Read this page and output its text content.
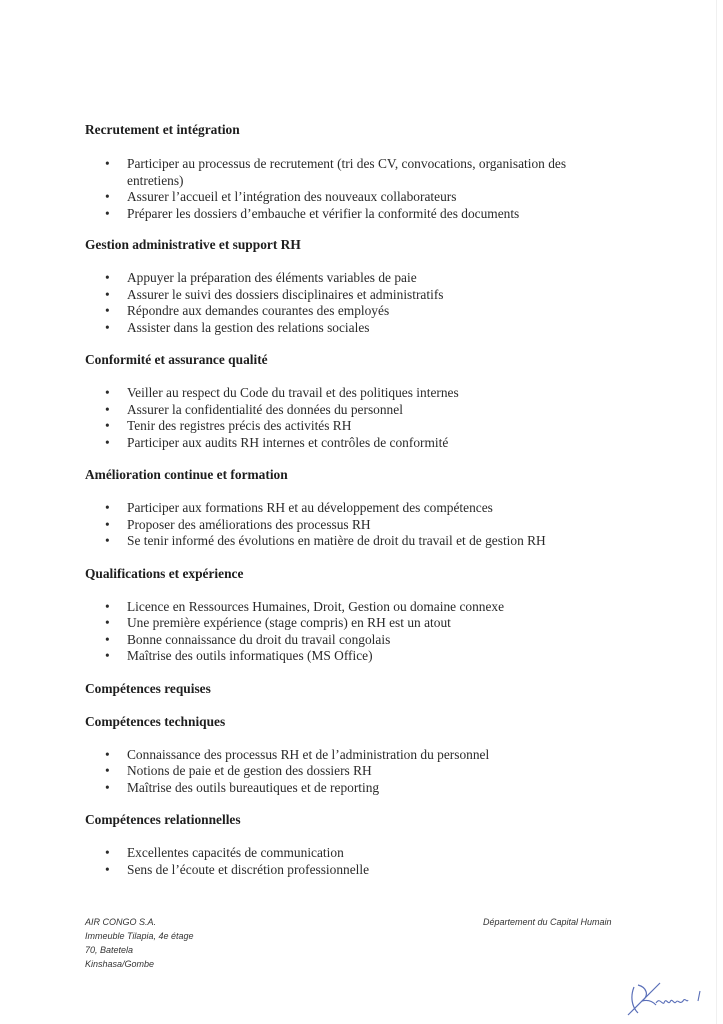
Recrutement et intégration
• Participer au processus de recrutement (tri des CV, convocations, organisation des entretiens)
• Assurer l’accueil et l’intégration des nouveaux collaborateurs
• Préparer les dossiers d’embauche et vérifier la conformité des documents
Gestion administrative et support RH
• Appuyer la préparation des éléments variables de paie
• Assurer le suivi des dossiers disciplinaires et administratifs
• Répondre aux demandes courantes des employés
• Assister dans la gestion des relations sociales
Conformité et assurance qualité
• Veiller au respect du Code du travail et des politiques internes
• Assurer la confidentialité des données du personnel
• Tenir des registres précis des activités RH
• Participer aux audits RH internes et contrôles de conformité
Amélioration continue et formation
• Participer aux formations RH et au développement des compétences
• Proposer des améliorations des processus RH
• Se tenir informé des évolutions en matière de droit du travail et de gestion RH
Qualifications et expérience
• Licence en Ressources Humaines, Droit, Gestion ou domaine connexe
• Une première expérience (stage compris) en RH est un atout
• Bonne connaissance du droit du travail congolais
• Maîtrise des outils informatiques (MS Office)
Compétences requises
Compétences techniques
• Connaissance des processus RH et de l’administration du personnel
• Notions de paie et de gestion des dossiers RH
• Maîtrise des outils bureautiques et de reporting
Compétences relationnelles
• Excellentes capacités de communication
• Sens de l’écoute et discrétion professionnelle
AIR CONGO S.A.
Immeuble Tilapia, 4e étage
70, Batetela
Kinshasa/Gombe
Département du Capital Humain
